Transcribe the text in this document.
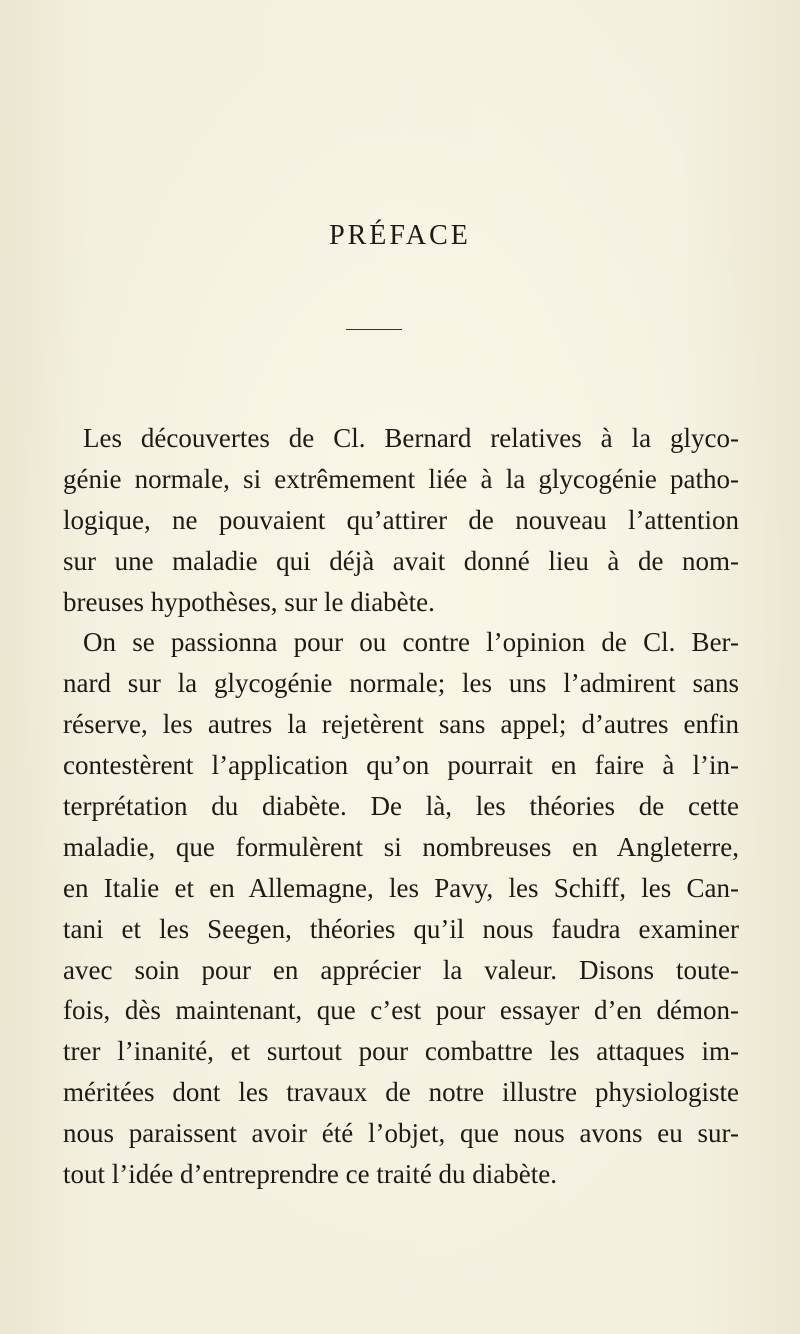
PRÉFACE
Les découvertes de Cl. Bernard relatives à la glyco-
génie normale, si extrêmement liée à la glycogénie patho-
logique, ne pouvaient qu’attirer de nouveau l’attention
sur une maladie qui déjà avait donné lieu à de nom-
breuses hypothèses, sur le diabète.
On se passionna pour ou contre l’opinion de Cl. Ber-
nard sur la glycogénie normale; les uns l’admirent sans
réserve, les autres la rejetèrent sans appel; d’autres enfin
contestèrent l’application qu’on pourrait en faire à l’in-
terprétation du diabète. De là, les théories de cette
maladie, que formulèrent si nombreuses en Angleterre,
en Italie et en Allemagne, les Pavy, les Schiff, les Can-
tani et les Seegen, théories qu’il nous faudra examiner
avec soin pour en apprécier la valeur. Disons toute-
fois, dès maintenant, que c’est pour essayer d’en démon-
trer l’inanité, et surtout pour combattre les attaques im-
méritées dont les travaux de notre illustre physiologiste
nous paraissent avoir été l’objet, que nous avons eu sur-
tout l’idée d’entreprendre ce traité du diabète.
